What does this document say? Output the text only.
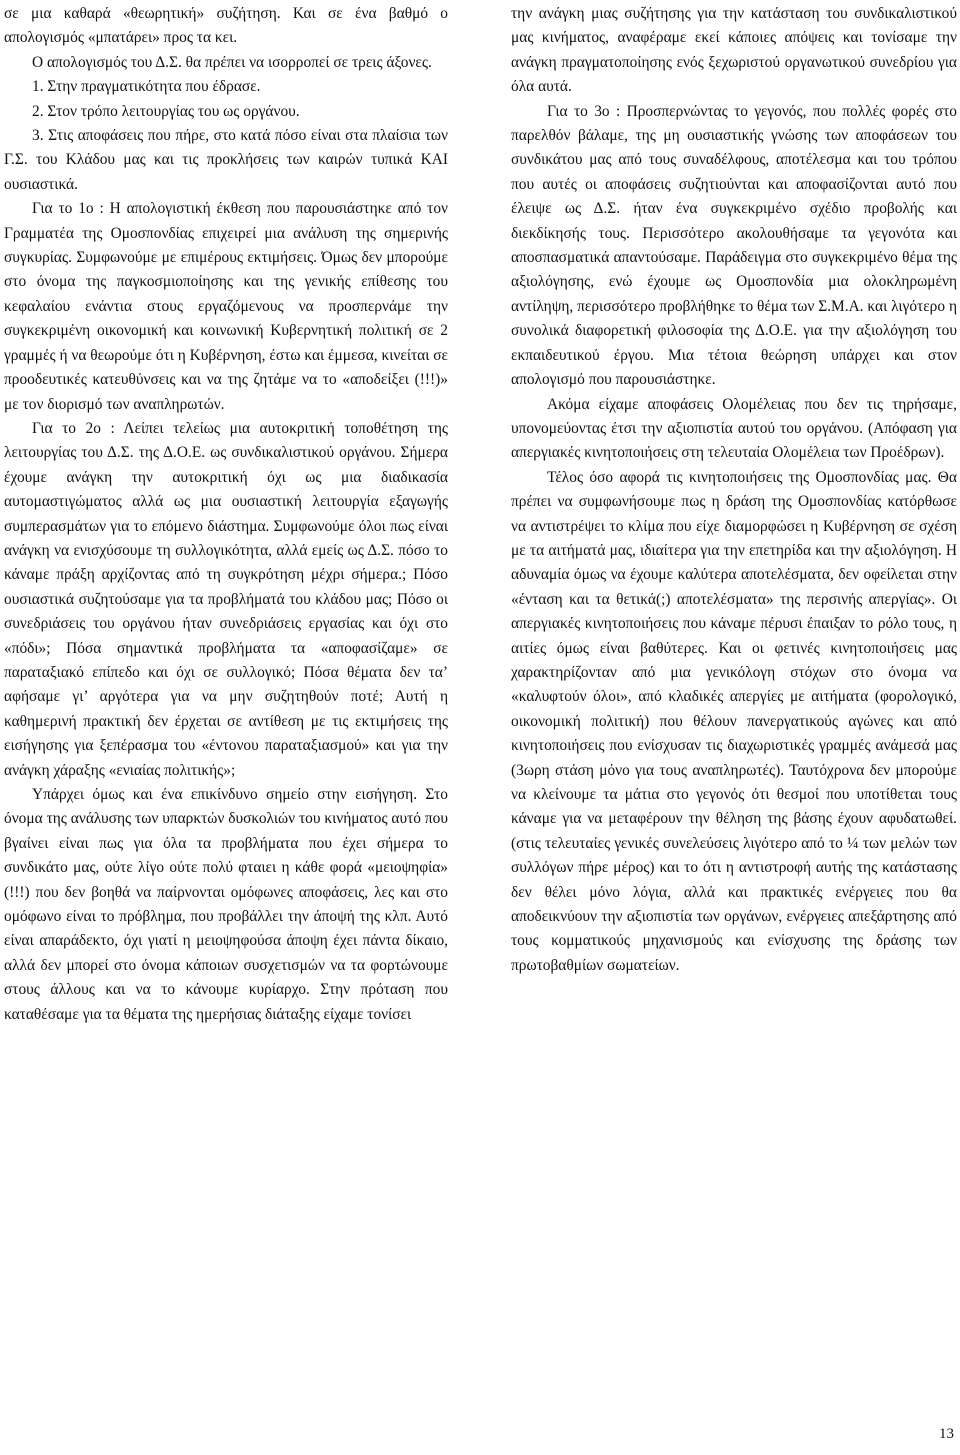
σε μια καθαρά «θεωρητική» συζήτηση. Και σε ένα βαθμό ο απολογισμός «μπατάρει» προς τα κει.

Ο απολογισμός του Δ.Σ. θα πρέπει να ισορροπεί σε τρεις άξονες.

1. Στην πραγματικότητα που έδρασε.

2. Στον τρόπο λειτουργίας του ως οργάνου.

3. Στις αποφάσεις που πήρε, στο κατά πόσο είναι στα πλαίσια των Γ.Σ. του Κλάδου μας και τις προκλήσεις των καιρών τυπικά ΚΑΙ ουσιαστικά.

Για το 1ο : Η απολογιστική έκθεση που παρουσιάστηκε από τον Γραμματέα της Ομοσπονδίας επιχειρεί μια ανάλυση της σημερινής συγκυρίας. Συμφωνούμε με επιμέρους εκτιμήσεις. Όμως δεν μπορούμε στο όνομα της παγκοσμιοποίησης και της γενικής επίθεσης του κεφαλαίου ενάντια στους εργαζόμενους να προσπερνάμε την συγκεκριμένη οικονομική και κοινωνική Κυβερνητική πολιτική σε 2 γραμμές ή να θεωρούμε ότι η Κυβέρνηση, έστω και έμμεσα, κινείται σε προοδευτικές κατευθύνσεις και να της ζητάμε να το «αποδείξει (!!!)» με τον διορισμό των αναπληρωτών.

Για το 2ο : Λείπει τελείως μια αυτοκριτική τοποθέτηση της λειτουργίας του Δ.Σ. της Δ.Ο.Ε. ως συνδικαλιστικού οργάνου. Σήμερα έχουμε ανάγκη την αυτοκριτική όχι ως μια διαδικασία αυτομαστιγώματος αλλά ως μια ουσιαστική λειτουργία εξαγωγής συμπερασμάτων για το επόμενο διάστημα. Συμφωνούμε όλοι πως είναι ανάγκη να ενισχύσουμε τη συλλογικότητα, αλλά εμείς ως Δ.Σ. πόσο το κάναμε πράξη αρχίζοντας από τη συγκρότηση μέχρι σήμερα.; Πόσο ουσιαστικά συζητούσαμε για τα προβλήματά του κλάδου μας; Πόσο οι συνεδριάσεις του οργάνου ήταν συνεδριάσεις εργασίας και όχι στο «πόδι»; Πόσα σημαντικά προβλήματα τα «αποφασίζαμε» σε παραταξιακό επίπεδο και όχι σε συλλογικό; Πόσα θέματα δεν τα’ αφήσαμε γι’ αργότερα για να μην συζητηθούν ποτέ; Αυτή η καθημερινή πρακτική δεν έρχεται σε αντίθεση με τις εκτιμήσεις της εισήγησης για ξεπέρασμα του «έντονου παραταξιασμού» και για την ανάγκη χάραξης «ενιαίας πολιτικής»;

Υπάρχει όμως και ένα επικίνδυνο σημείο στην εισήγηση. Στο όνομα της ανάλυσης των υπαρκτών δυσκολιών του κινήματος αυτό που βγαίνει είναι πως για όλα τα προβλήματα που έχει σήμερα το συνδικάτο μας, ούτε λίγο ούτε πολύ φταιει η κάθε φορά «μειοψηφία» (!!!) που δεν βοηθά να παίρνονται ομόφωνες αποφάσεις, λες και στο ομόφωνο είναι το πρόβλημα, που προβάλλει την άποψή της κλπ. Αυτό είναι απαράδεκτο, όχι γιατί η μειοψηφούσα άποψη έχει πάντα δίκαιο, αλλά δεν μπορεί στο όνομα κάποιων συσχετισμών να τα φορτώνουμε στους άλλους και να το κάνουμε κυρίαρχο. Στην πρόταση που καταθέσαμε για τα θέματα της ημερήσιας διάταξης είχαμε τονίσει

την ανάγκη μιας συζήτησης για την κατάσταση του συνδικαλιστικού μας κινήματος, αναφέραμε εκεί κάποιες απόψεις και τονίσαμε την ανάγκη πραγματοποίησης ενός ξεχωριστού οργανωτικού συνεδρίου για όλα αυτά.

Για το 3ο : Προσπερνώντας το γεγονός, που πολλές φορές στο παρελθόν βάλαμε, της μη ουσιαστικής γνώσης των αποφάσεων του συνδικάτου μας από τους συναδέλφους, αποτέλεσμα και του τρόπου που αυτές οι αποφάσεις συζητιούνται και αποφασίζονται αυτό που έλειψε ως Δ.Σ. ήταν ένα συγκεκριμένο σχέδιο προβολής και διεκδίκησής τους. Περισσότερο ακολουθήσαμε τα γεγονότα και αποσπασματικά απαντούσαμε. Παράδειγμα στο συγκεκριμένο θέμα της αξιολόγησης, ενώ έχουμε ως Ομοσπονδία μια ολοκληρωμένη αντίληψη, περισσότερο προβλήθηκε το θέμα των Σ.Μ.Α. και λιγότερο η συνολικά διαφορετική φιλοσοφία της Δ.Ο.Ε. για την αξιολόγηση του εκπαιδευτικού έργου. Μια τέτοια θεώρηση υπάρχει και στον απολογισμό που παρουσιάστηκε.

Ακόμα είχαμε αποφάσεις Ολομέλειας που δεν τις τηρήσαμε, υπονομεύοντας έτσι την αξιοπιστία αυτού του οργάνου. (Απόφαση για απεργιακές κινητοποιήσεις στη τελευταία Ολομέλεια των Προέδρων).

Τέλος όσο αφορά τις κινητοποιήσεις της Ομοσπονδίας μας. Θα πρέπει να συμφωνήσουμε πως η δράση της Ομοσπονδίας κατόρθωσε να αντιστρέψει το κλίμα που είχε διαμορφώσει η Κυβέρνηση σε σχέση με τα αιτήματά μας, ιδιαίτερα για την επετηρίδα και την αξιολόγηση. Η αδυναμία όμως να έχουμε καλύτερα αποτελέσματα, δεν οφείλεται στην «ένταση και τα θετικά(;) αποτελέσματα» της περσινής απεργίας». Οι απεργιακές κινητοποιήσεις που κάναμε πέρυσι έπαιξαν το ρόλο τους, η αιτίες όμως είναι βαθύτερες. Και οι φετινές κινητοποιήσεις μας χαρακτηρίζονταν από μια γενικόλογη στόχων στο όνομα να «καλυφτούν όλοι», από κλαδικές απεργίες με αιτήματα (φορολογικό, οικονομική πολιτική) που θέλουν πανεργατικούς αγώνες και από κινητοποιήσεις που ενίσχυσαν τις διαχωριστικές γραμμές ανάμεσά μας (3ωρη στάση μόνο για τους αναπληρωτές). Ταυτόχρονα δεν μπορούμε να κλείνουμε τα μάτια στο γεγονός ότι θεσμοί που υποτίθεται τους κάναμε για να μεταφέρουν την θέληση της βάσης έχουν αφυδατωθεί. (στις τελευταίες γενικές συνελεύσεις λιγότερο από το ¼ των μελών των συλλόγων πήρε μέρος) και το ότι η αντιστροφή αυτής της κατάστασης δεν θέλει μόνο λόγια, αλλά και πρακτικές ενέργειες που θα αποδεικνύουν την αξιοπιστία των οργάνων, ενέργειες απεξάρτησης από τους κομματικούς μηχανισμούς και ενίσχυσης της δράσης των πρωτοβαθμίων σωματείων.

13
